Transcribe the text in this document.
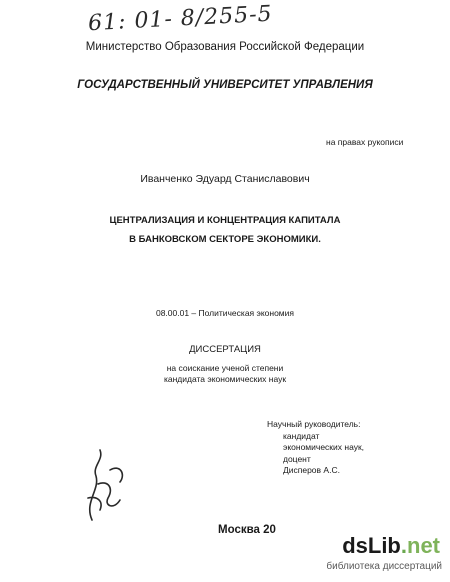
61: 01- 8/255-5
Министерство Образования Российской Федерации
ГОСУДАРСТВЕННЫЙ УНИВЕРСИТЕТ УПРАВЛЕНИЯ
на правах рукописи
Иванченко Эдуард Станиславович
ЦЕНТРАЛИЗАЦИЯ И КОНЦЕНТРАЦИЯ КАПИТАЛА
В БАНКОВСКОМ СЕКТОРЕ ЭКОНОМИКИ.
08.00.01 – Политическая экономия
ДИССЕРТАЦИЯ
на соискание ученой степени
кандидата экономических наук
Научный руководитель:
кандидат
экономических наук,
доцент
Дисперов А.С.
Москва 20
dsLib.net
библиотека диссертаций
